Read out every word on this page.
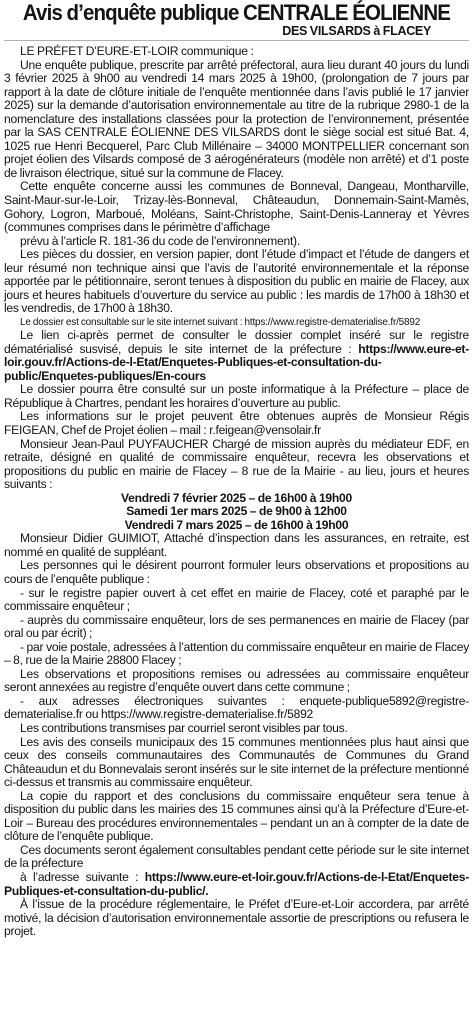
Avis d’enquête publique CENTRALE ÉOLIENNE
DES VILSARDS à FLACEY

LE PRÉFET D’EURE-ET-LOIR communique :

Une enquête publique, prescrite par arrêté préfectoral, aura lieu durant 40 jours du lundi 3 février 2025 à 9h00 au vendredi 14 mars 2025 à 19h00, (prolongation de 7 jours par rapport à la date de clôture initiale de l’enquête mentionnée dans l’avis publié le 17 janvier 2025) sur la demande d’autorisation environnementale au titre de la rubrique 2980-1 de la nomenclature des installations classées pour la protection de l’environnement, présentée par la SAS CENTRALE ÉOLIENNE DES VILSARDS dont le siège social est situé Bat. 4, 1025 rue Henri Becquerel, Parc Club Millénaire – 34000 MONTPELLIER concernant son projet éolien des Vilsards composé de 3 aérogénérateurs (modèle non arrêté) et d’1 poste de livraison électrique, situé sur la commune de Flacey.

Cette enquête concerne aussi les communes de Bonneval, Dangeau, Montharville, Saint-Maur-sur-le-Loir, Trizay-lès-Bonneval, Châteaudun, Donnemain-Saint-Mamès, Gohory, Logron, Marboué, Moléans, Saint-Christophe, Saint-Denis-Lanneray et Yèvres (communes comprises dans le périmètre d’affichage

prévu à l’article R. 181-36 du code de l’environnement).

Les pièces du dossier, en version papier, dont l’étude d’impact et l’étude de dangers et leur résumé non technique ainsi que l’avis de l’autorité environnementale et la réponse apportée par le pétitionnaire, seront tenues à disposition du public en mairie de Flacey, aux jours et heures habituels d’ouverture du service au public : les mardis de 17h00 à 18h30 et les vendredis, de 17h00 à 18h30.

Le dossier est consultable sur le site internet suivant : https://www.registre-dematerialise.fr/5892

Le lien ci-après permet de consulter le dossier complet inséré sur le registre dématérialisé susvisé, depuis le site internet de la préfecture : https://www.eure-et-loir.gouv.fr/Actions-de-l-Etat/Enquetes-Publiques-et-consultation-du-public/Enquetes-publiques/En-cours

Le dossier pourra être consulté sur un poste informatique à la Préfecture – place de République à Chartres, pendant les horaires d’ouverture au public.

Les informations sur le projet peuvent être obtenues auprès de Monsieur Régis FEIGEAN, Chef de Projet éolien – mail : r.feigean@vensolair.fr

Monsieur Jean-Paul PUYFAUCHER Chargé de mission auprès du médiateur EDF, en retraite, désigné en qualité de commissaire enquêteur, recevra les observations et propositions du public en mairie de Flacey – 8 rue de la Mairie - au lieu, jours et heures suivants :

Vendredi 7 février 2025 – de 16h00 à 19h00
Samedi 1er mars 2025 – de 9h00 à 12h00
Vendredi 7 mars 2025 – de 16h00 à 19h00

Monsieur Didier GUIMIOT, Attaché d’inspection dans les assurances, en retraite, est nommé en qualité de suppléant.

Les personnes qui le désirent pourront formuler leurs observations et propositions au cours de l’enquête publique :

- sur le registre papier ouvert à cet effet en mairie de Flacey, coté et paraphé par le commissaire enquêteur ;

- auprès du commissaire enquêteur, lors de ses permanences en mairie de Flacey (par oral ou par écrit) ;

- par voie postale, adressées à l’attention du commissaire enquêteur en mairie de Flacey – 8, rue de la Mairie 28800 Flacey ;

Les observations et propositions remises ou adressées au commissaire enquêteur seront annexées au registre d’enquête ouvert dans cette commune ;

- aux adresses électroniques suivantes : enquete-publique5892@registre-dematerialise.fr ou https://www.registre-dematerialise.fr/5892

Les contributions transmises par courriel seront visibles par tous.

Les avis des conseils municipaux des 15 communes mentionnées plus haut ainsi que ceux des conseils communautaires des Communautés de Communes du Grand Châteaudun et du Bonnevalais seront insérés sur le site internet de la préfecture mentionné ci-dessus et transmis au commissaire enquêteur.

La copie du rapport et des conclusions du commissaire enquêteur sera tenue à disposition du public dans les mairies des 15 communes ainsi qu’à la Préfecture d’Eure-et-Loir – Bureau des procédures environnementales – pendant un an à compter de la date de clôture de l’enquête publique.

Ces documents seront également consultables pendant cette période sur le site internet de la préfecture

à l’adresse suivante : https://www.eure-et-loir.gouv.fr/Actions-de-l-Etat/Enquetes-Publiques-et-consultation-du-public/.

À l’issue de la procédure réglementaire, le Préfet d’Eure-et-Loir accordera, par arrêté motivé, la décision d’autorisation environnementale assortie de prescriptions ou refusera le projet.
